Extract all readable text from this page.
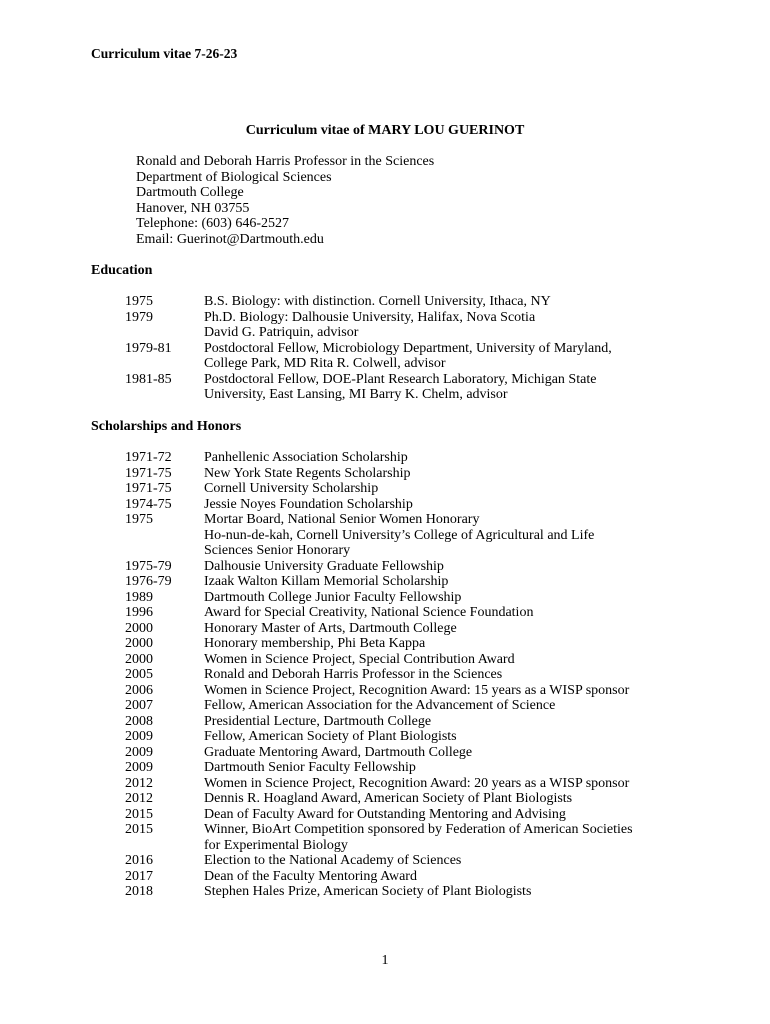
Curriculum vitae 7-26-23
Curriculum vitae of MARY LOU GUERINOT
Ronald and Deborah Harris Professor in the Sciences
Department of Biological Sciences
Dartmouth College
Hanover, NH 03755
Telephone: (603) 646-2527
Email: Guerinot@Dartmouth.edu
Education
1975	B.S. Biology: with distinction. Cornell University, Ithaca, NY
1979	Ph.D. Biology: Dalhousie University, Halifax, Nova Scotia
David G. Patriquin, advisor
1979-81	Postdoctoral Fellow, Microbiology Department, University of Maryland,
College Park, MD Rita R. Colwell, advisor
1981-85	Postdoctoral Fellow, DOE-Plant Research Laboratory, Michigan State
University, East Lansing, MI Barry K. Chelm, advisor
Scholarships and Honors
1971-72	Panhellenic Association Scholarship
1971-75	New York State Regents Scholarship
1971-75	Cornell University Scholarship
1974-75	Jessie Noyes Foundation Scholarship
1975	Mortar Board, National Senior Women Honorary
Ho-nun-de-kah, Cornell University’s College of Agricultural and Life
Sciences Senior Honorary
1975-79	Dalhousie University Graduate Fellowship
1976-79	Izaak Walton Killam Memorial Scholarship
1989	Dartmouth College Junior Faculty Fellowship
1996	Award for Special Creativity, National Science Foundation
2000	Honorary Master of Arts, Dartmouth College
2000	Honorary membership, Phi Beta Kappa
2000	Women in Science Project, Special Contribution Award
2005	Ronald and Deborah Harris Professor in the Sciences
2006	Women in Science Project, Recognition Award: 15 years as a WISP sponsor
2007	Fellow, American Association for the Advancement of Science
2008	Presidential Lecture, Dartmouth College
2009	Fellow, American Society of Plant Biologists
2009	Graduate Mentoring Award, Dartmouth College
2009	Dartmouth Senior Faculty Fellowship
2012	Women in Science Project, Recognition Award: 20 years as a WISP sponsor
2012	Dennis R. Hoagland Award, American Society of Plant Biologists
2015	Dean of Faculty Award for Outstanding Mentoring and Advising
2015	Winner, BioArt Competition sponsored by Federation of American Societies
for Experimental Biology
2016	Election to the National Academy of Sciences
2017	Dean of the Faculty Mentoring Award
2018	Stephen Hales Prize, American Society of Plant Biologists
1
